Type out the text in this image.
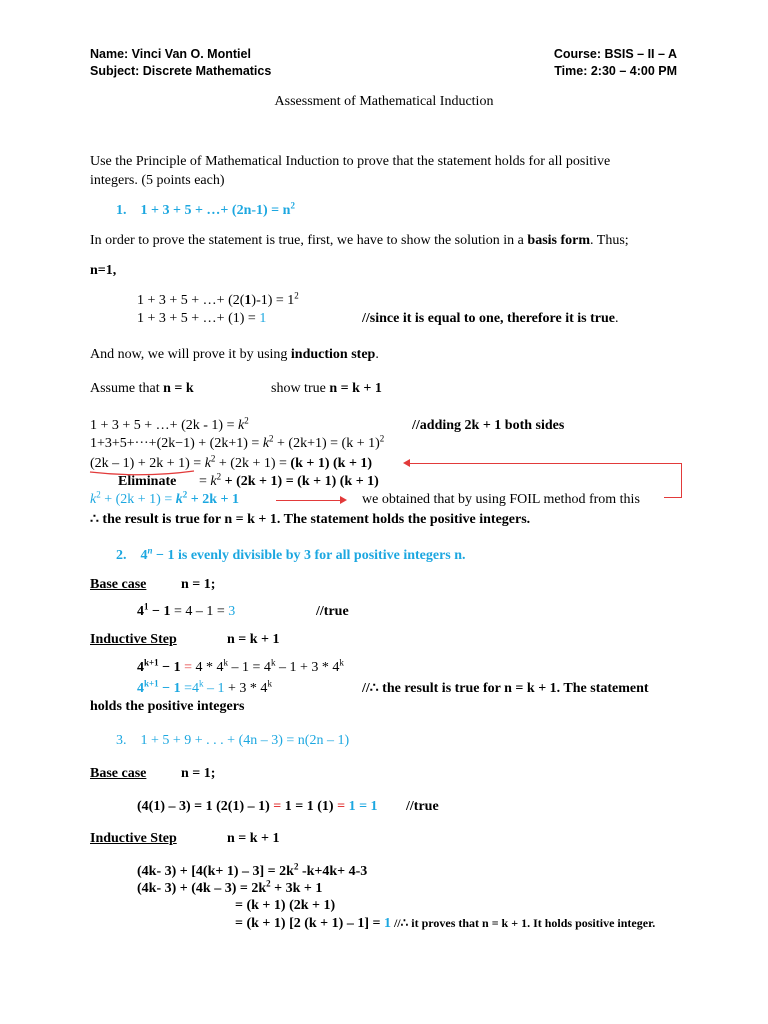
Name: Vinci Van O. Montiel
Subject: Discrete Mathematics
Course: BSIS – II – A
Time: 2:30 – 4:00 PM
Assessment of Mathematical Induction
Use the Principle of Mathematical Induction to prove that the statement holds for all positive
integers. (5 points each)
1. 1 + 3 + 5 + …+ $(2n-1) = n^2$
In order to prove the statement is true, first, we have to show the solution in a basis form. Thus;
n=1,
1 + 3 + 5 + …+ $(2(1)-1) = 1^2$
1 + 3 + 5 + …+ (1) = 1	//since it is equal to one, therefore it is true.
And now, we will prove it by using induction step.
Assume that n = k	show true n = k + 1
1 + 3 + 5 + …+ $(2k - 1) = k^2$	//adding 2k + 1 both sides
$1+3+5+\cdot\cdot\cdot+(2k-1) + (2k+1) = k^2 + (2k+1) = (k + 1)^2$
$(2k - 1) + 2k + 1) = k^2 + (2k + 1) = (k + 1) (k + 1)$
Eliminate = $k^2 + (2k + 1) = (k + 1) (k + 1)$
$k^2 + (2k + 1) = k^2 + 2k + 1$	we obtained that by using FOIL method from this
∴ the result is true for n = k + 1. The statement holds the positive integers.
2. $4^n - 1$ is evenly divisible by 3 for all positive integers n.
Base case n = 1;
$4^1 - 1 = 4 - 1 = 3$	//true
Inductive Step	n = k + 1
$4^{k+1} - 1 = 4 * 4^k - 1 = 4^k - 1 + 3 * 4^k$
$4^{k+1} - 1 =4^k - 1 + 3 * 4^k$	//∴ the result is true for n = k + 1. The statement
holds the positive integers
3. 1 + 5 + 9 + . . . + (4n – 3) = n(2n – 1)
Base case n = 1;
(4(1) – 3) = 1 (2(1) – 1) = 1 = 1 (1) = 1 = 1 //true
Inductive Step	n = k + 1
(4k- $3) + [4(k+ 1) - 3] = 2k^2$ -k+4k+ 4-3
(4k- $3) + (4k - 3) = 2k^2 + 3k + 1$
= (k + 1) (2k + 1)
= (k + 1) [2 (k + 1) – 1] = 1 //∴ it proves that n = k + 1. It holds positive integer.
